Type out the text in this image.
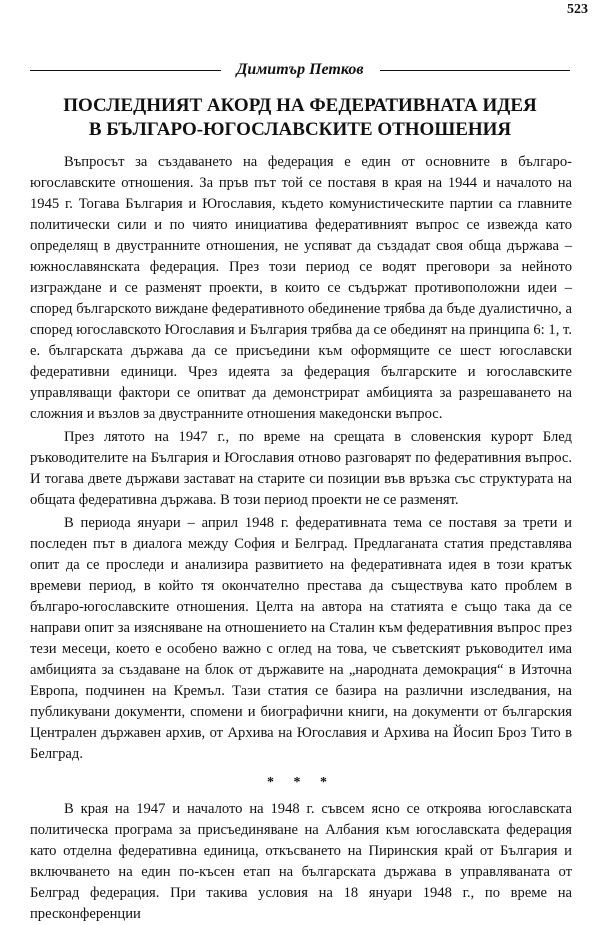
523
Димитър Петков
ПОСЛЕДНИЯТ АКОРД НА ФЕДЕРАТИВНАТА ИДЕЯ
В БЪЛГАРО-ЮГОСЛАВСКИТЕ ОТНОШЕНИЯ

Въпросът за създаването на федерация е един от основните в българо-югославските отношения. За пръв път той се поставя в края на 1944 и началото на 1945 г. Тогава България и Югославия, където комунистическите партии са главните политически сили и по чиято инициатива федеративният въпрос се извежда като определящ в двустранните отношения, не успяват да създадат своя обща държава – южнославянската федерация. През този период се водят преговори за нейното изграждане и се разменят проекти, в които се съдържат противоположни идеи – според българското виждане федеративното обединение трябва да бъде дуалистично, а според югославското Югославия и България трябва да се обединят на принципа 6: 1, т. е. българската държава да се присъедини към оформящите се шест югославски федеративни единици. Чрез идеята за федерация българските и югославските управляващи фактори се опитват да демонстрират амбицията за разрешаването на сложния и възлов за двустранните отношения македонски въпрос.

През лятото на 1947 г., по време на срещата в словенския курорт Блед ръководителите на България и Югославия отново разговарят по федеративния въпрос. И тогава двете държави застават на старите си позиции във връзка със структурата на общата федеративна държава. В този период проекти не се разменят.

В периода януари – април 1948 г. федеративната тема се поставя за трети и последен път в диалога между София и Белград. Предлаганата статия представлява опит да се проследи и анализира развитието на федеративната идея в този кратък времеви период, в който тя окончателно престава да съществува като проблем в българо-югославските отношения. Целта на автора на статията е също така да се направи опит за изясняване на отношението на Сталин към федеративния въпрос през тези месеци, което е особено важно с оглед на това, че съветският ръководител има амбицията за създаване на блок от държавите на „народната демокрация“ в Източна Европа, подчинен на Кремъл. Тази статия се базира на различни изследвания, на публикувани документи, спомени и биографични книги, на документи от българския Централен държавен архив, от Архива на Югославия и Архива на Йосип Броз Тито в Белград.

* * *

В края на 1947 и началото на 1948 г. съвсем ясно се откроява югославската политическа програма за присъединяване на Албания към югославската федерация като отделна федеративна единица, откъсването на Пиринския край от България и включването на един по-късен етап на българската държава в управляваната от Белград федерация. При такива условия на 18 януари 1948 г., по време на пресконференции
